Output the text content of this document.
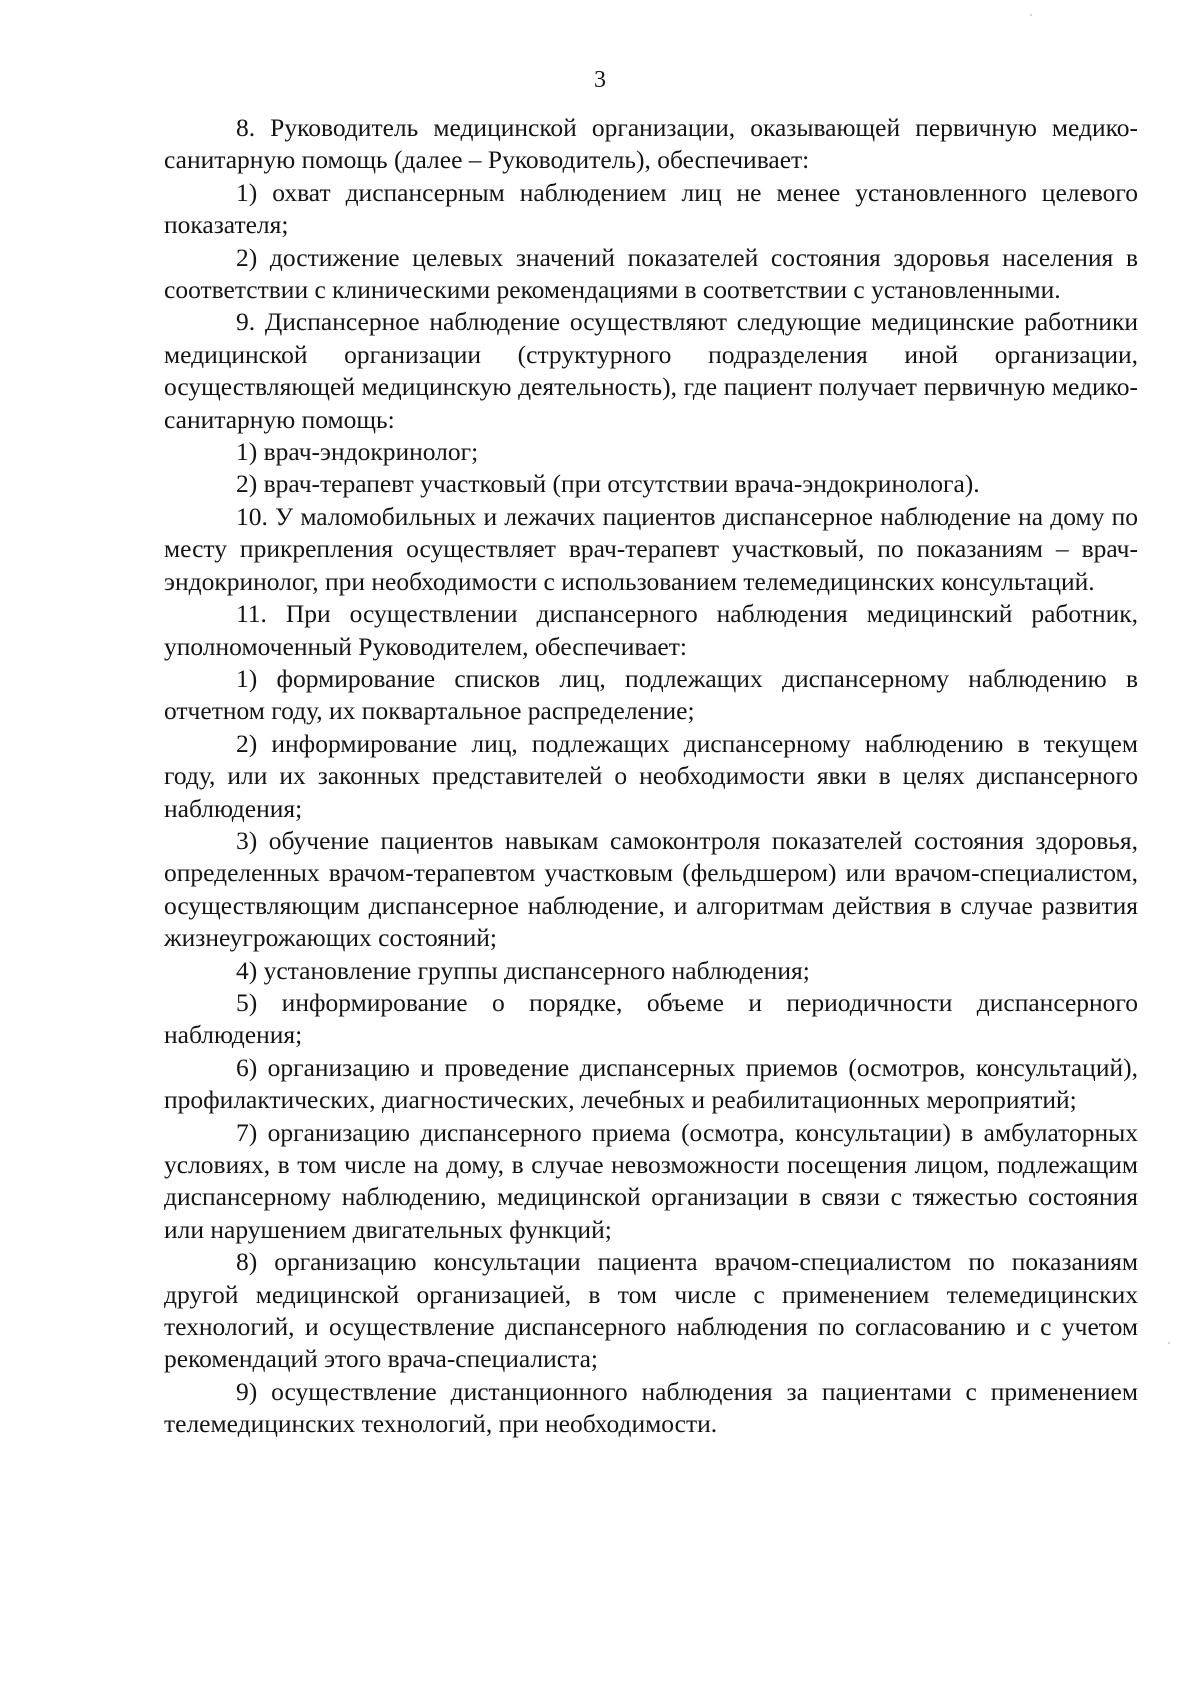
3

8. Руководитель медицинской организации, оказывающей первичную медико-санитарную помощь (далее – Руководитель), обеспечивает:

1) охват диспансерным наблюдением лиц не менее установленного целевого показателя;

2) достижение целевых значений показателей состояния здоровья населения в соответствии с клиническими рекомендациями в соответствии с установленными.

9. Диспансерное наблюдение осуществляют следующие медицинские работники медицинской организации (структурного подразделения иной организации, осуществляющей медицинскую деятельность), где пациент получает первичную медико-санитарную помощь:

1) врач-эндокринолог;

2) врач-терапевт участковый (при отсутствии врача-эндокринолога).

10. У маломобильных и лежачих пациентов диспансерное наблюдение на дому по месту прикрепления осуществляет врач-терапевт участковый, по показаниям – врач-эндокринолог, при необходимости с использованием телемедицинских консультаций.

11. При осуществлении диспансерного наблюдения медицинский работник, уполномоченный Руководителем, обеспечивает:

1) формирование списков лиц, подлежащих диспансерному наблюдению в отчетном году, их поквартальное распределение;

2) информирование лиц, подлежащих диспансерному наблюдению в текущем году, или их законных представителей о необходимости явки в целях диспансерного наблюдения;

3) обучение пациентов навыкам самоконтроля показателей состояния здоровья, определенных врачом-терапевтом участковым (фельдшером) или врачом-специалистом, осуществляющим диспансерное наблюдение, и алгоритмам действия в случае развития жизнеугрожающих состояний;

4) установление группы диспансерного наблюдения;

5) информирование о порядке, объеме и периодичности диспансерного наблюдения;

6) организацию и проведение диспансерных приемов (осмотров, консультаций), профилактических, диагностических, лечебных и реабилитационных мероприятий;

7) организацию диспансерного приема (осмотра, консультации) в амбулаторных условиях, в том числе на дому, в случае невозможности посещения лицом, подлежащим диспансерному наблюдению, медицинской организации в связи с тяжестью состояния или нарушением двигательных функций;

8) организацию консультации пациента врачом-специалистом по показаниям другой медицинской организацией, в том числе с применением телемедицинских технологий, и осуществление диспансерного наблюдения по согласованию и с учетом рекомендаций этого врача-специалиста;

9) осуществление дистанционного наблюдения за пациентами с применением телемедицинских технологий, при необходимости.
